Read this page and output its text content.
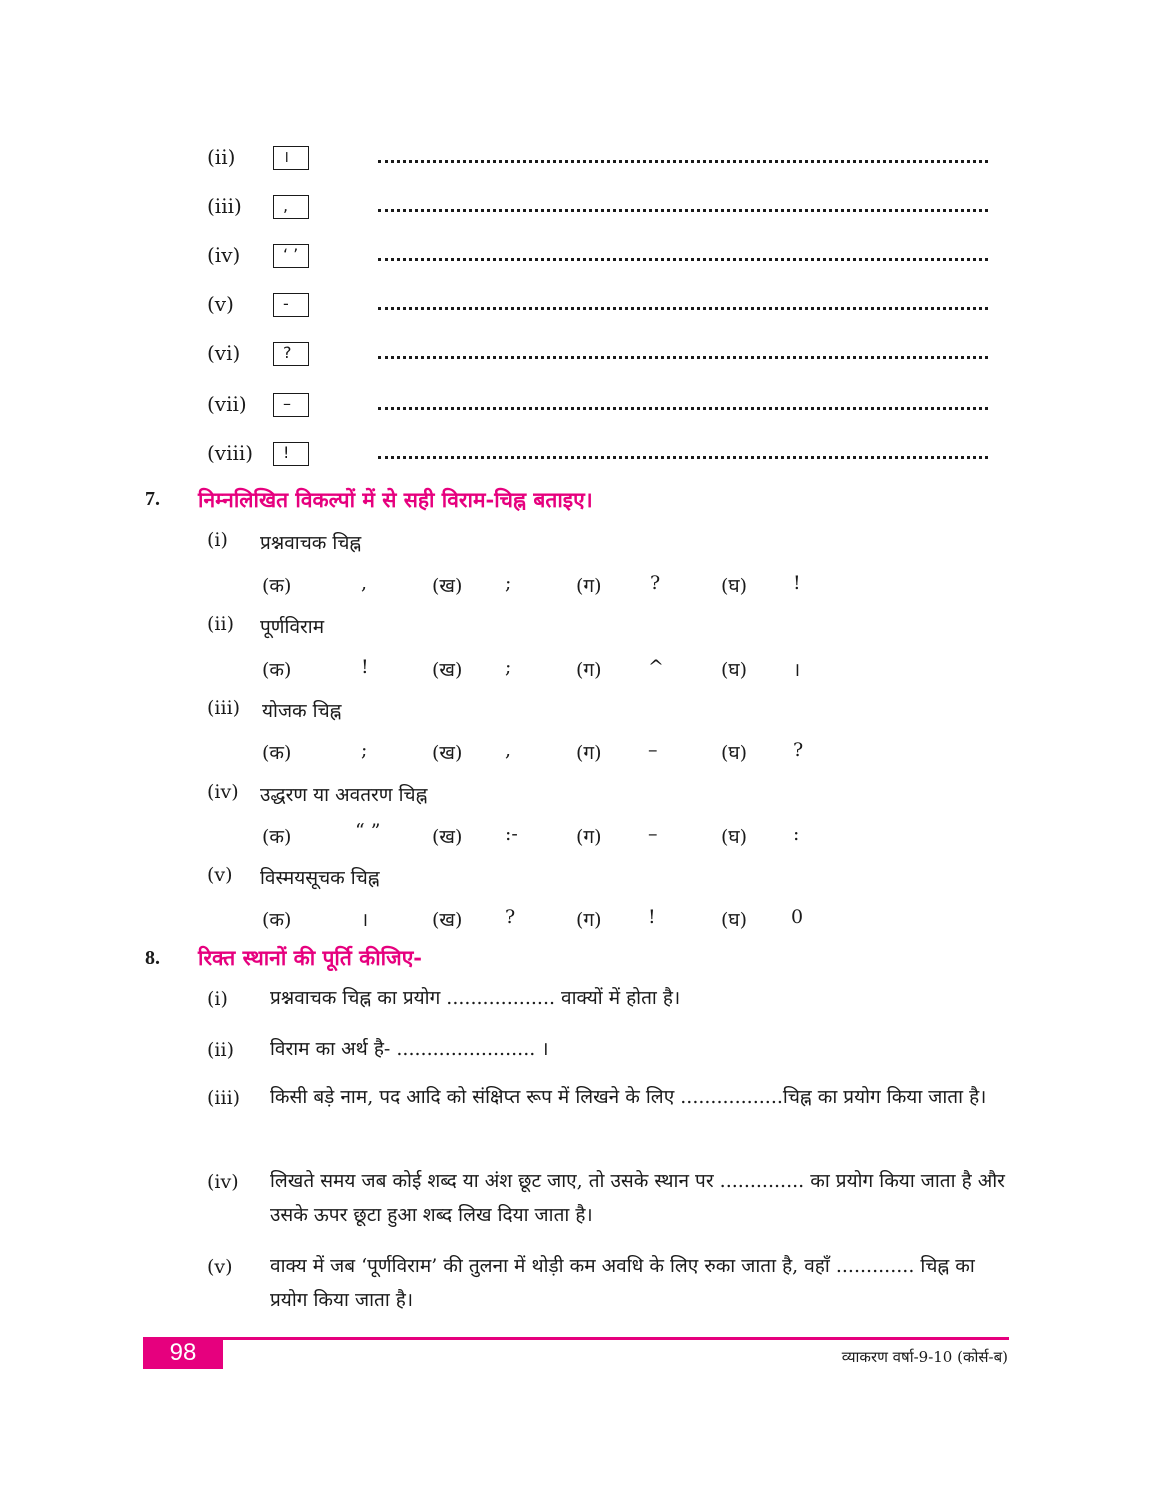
(ii)	।
(iii)	,
(iv)	‘ ’
(v)	-
(vi)	?
(vii)	–
(viii)	!
7. निम्नलिखित विकल्पों में से सही विराम-चिह्न बताइए।
(i) प्रश्नवाचक चिह्न
(क)	,	(ख) ;	(ग)	?	(घ) !
(ii) पूर्णविराम
(क)	!	(ख) ;	(ग) ^	(घ) ।
(iii) योजक चिह्न
(क)	;	(ख) ,	(ग) –	(घ) ?
(iv) उद्धरण या अवतरण चिह्न
(क)	“ ”	(ख) :-	(ग) –	(घ) :
(v) विस्मयसूचक चिह्न
(क)	।	(ख) ?	(ग) !	(घ) 0
8. रिक्त स्थानों की पूर्ति कीजिए-
(i) प्रश्नवाचक चिह्न का प्रयोग .................. वाक्यों में होता है।
(ii) विराम का अर्थ है- ....................... ।
(iii) किसी बड़े नाम, पद आदि को संक्षिप्त रूप में लिखने के लिए .................चिह्न का प्रयोग किया जाता है।
(iv) लिखते समय जब कोई शब्द या अंश छूट जाए, तो उसके स्थान पर .............. का प्रयोग किया जाता है और उसके ऊपर छूटा हुआ शब्द लिख दिया जाता है।
(v) वाक्य में जब ‘पूर्णविराम’ की तुलना में थोड़ी कम अवधि के लिए रुका जाता है, वहाँ ............. चिह्न का प्रयोग किया जाता है।
98	व्याकरण वर्षा-9-10 (कोर्स-ब)
